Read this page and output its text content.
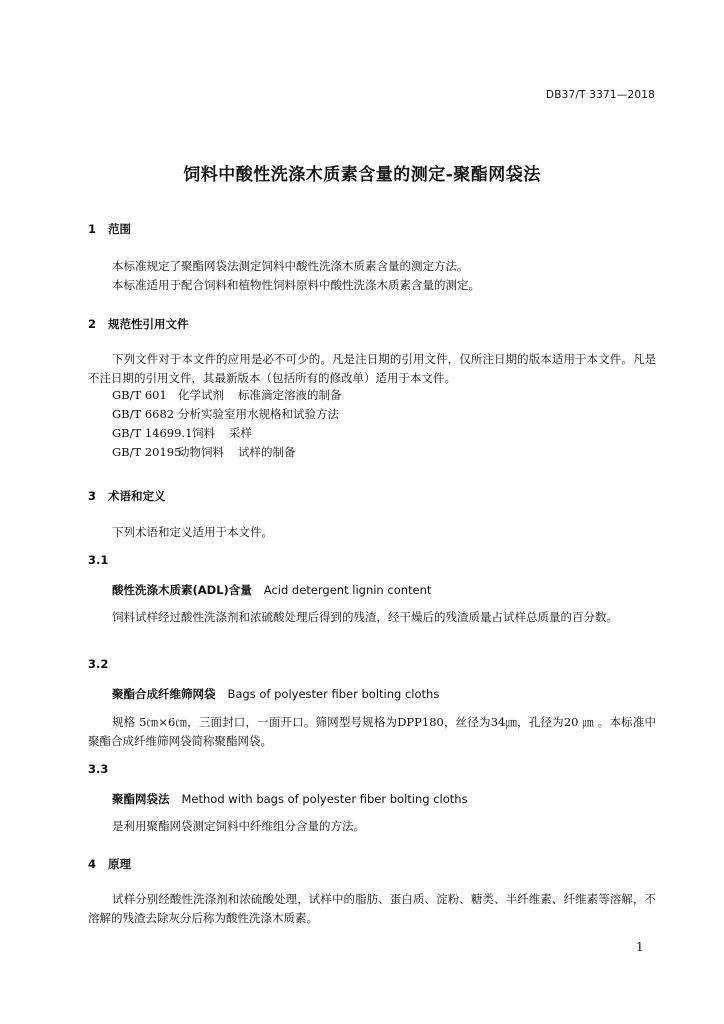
DB37/T 3371—2018
饲料中酸性洗涤木质素含量的测定-聚酯网袋法
1 范围
本标准规定了聚酯网袋法测定饲料中酸性洗涤木质素含量的测定方法。
本标准适用于配合饲料和植物性饲料原料中酸性洗涤木质素含量的测定。
2 规范性引用文件
下列文件对于本文件的应用是必不可少的。凡是注日期的引用文件，仅所注日期的版本适用于本文件。凡是不注日期的引用文件，其最新版本（包括所有的修改单）适用于本文件。
GB/T 601 化学试剂 标准滴定溶液的制备
GB/T 6682 分析实验室用水规格和试验方法
GB/T 14699.1饲料 采样
GB/T 20195动物饲料 试样的制备
3 术语和定义
下列术语和定义适用于本文件。
3.1
酸性洗涤木质素(ADL)含量 Acid detergent lignin content
饲料试样经过酸性洗涤剂和浓硫酸处理后得到的残渣，经干燥后的残渣质量占试样总质量的百分数。
3.2
聚酯合成纤维筛网袋 Bags of polyester fiber bolting cloths
规格 5㎝×6㎝，三面封口，一面开口。筛网型号规格为DPP180，丝径为34㎛，孔径为20 ㎛ 。本标准中聚酯合成纤维筛网袋简称聚酯网袋。
3.3
聚酯网袋法 Method with bags of polyester fiber bolting cloths
是利用聚酯网袋测定饲料中纤维组分含量的方法。
4 原理
试样分别经酸性洗涤剂和浓硫酸处理，试样中的脂肪、蛋白质、淀粉、糖类、半纤维素、纤维素等溶解，不溶解的残渣去除灰分后称为酸性洗涤木质素。
1
